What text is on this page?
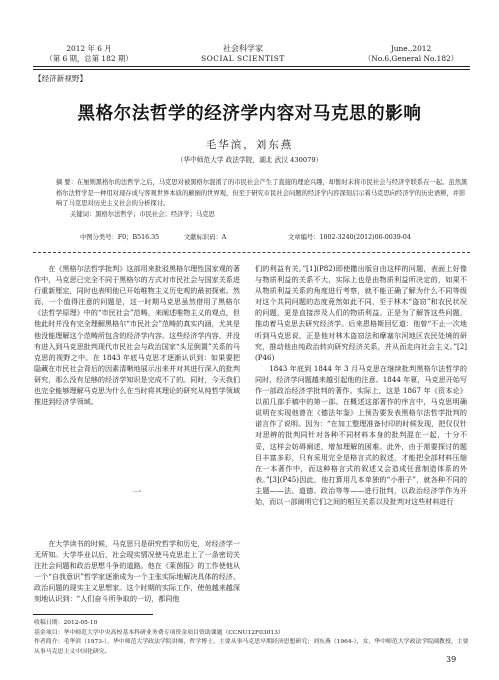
2012 年 6 月
（第 6 期，总第 182 期）
社会科学家
SOCIAL SCIENTIST
June.,2012
（No.6,General No.182）
【经济新视野】
黑格尔法哲学的经济学内容对马克思的影响
毛华滨，刘东燕
（华中师范大学 政法学院，湖北 武汉 430079）

摘 要：在厘则黑格尔的法哲学之后，马克思对被黑格尔混淆了的市民社会产生了直接的理论兴趣，却暂时未将市民社会与经济学联系在一起。虽然黑格尔法哲学是一种用对现存成与客观世界本质的颠倒的世界观，但至于研究市民社会问题的经济学内容深刻启示着马克思向经济学的历史语辨，并影响了马克思对历史主义社会的分析探讨。

关键词：黑格尔法哲学；市民社会；经济学；马克思

中图分类号：F0；B516.35	文献标识码：A	文章编号：1002-3240(2012)06-0039-04

在《黑格尔法哲学批判》这部用来批驳黑格尔理性国家观的著作中，马克思已完全不同于黑格尔的方式对市民社会与国家关系进行重新厘定，同时也表明他已开始唯物主义历史观的最初探索。然而，一个值得注意的问题是，这一时期马克思虽然借用了黑格尔《法哲学原理》中的“市民社会”范畴，来阐述唯物主义的观点，但他此时并没有完全理解黑格尔“市民社会”范畴的真实内涵，尤其是他没能理解这个范畴所包含的经济学内容。这些经济学内容，并没有进入到马克思批判现代市民社会与政治国家“头足倒置”关系的马克思的视野之中。在 1843 年底马克思才逐渐认识到：如果要把隐藏在市民社会背后的因素清晰地展示出来并对其进行深入的批判研究，那么没有足够的经济学知识是完成不了的。同时，今天我们也完全能够理解马克思为什么在当时将其理论的研究从纯哲学领域推进到经济学领域。

一

在大学读书的时候，马克思只是研究哲学和历史，对经济学一无所知。大学毕业以后，社会现实情况使马克思走上了一条密切关注社会问题和政治思想斗争的道路。他在《莱茵报》的工作使他从一个“自我意识”哲学家逐渐成为一个主张实际地解决具体的经济、政治问题的现实主义思想家。这个时期的实际工作，使他越来越深刻地认识到：“人们奋斗所争取的一切，都同他

们的利益有关。”[1](P82)即使撒出版自由这样的问题，表面上好像与物质利益的关系不大，实际上也是由物质利益所决定的，如果不从物质利益关系的角度进行考察，就不能正确了解为什么不同等级对这个共同问题的态度竟然如此不同，至于林木“盗窃”和农民状况的问题，更是直接涉及人们的物质利益。正是为了解答这些问题，推动着马克思去研究经济学。后来恩格斯回忆道：他曾“不止一次地听到马克思说，正是他对林木盗窃法和摩塞尔河地区农民处境的研究，推动他由纯政治转向研究经济关系，并从而走向社会主义。”[2](P46)

1843 年底到 1844 年 3 月马克思在继续批判黑格尔法哲学的同时，经济学问题越来越引起他的注意。1844 年夏，马克思开始写作一部政治经济学批判的著作。实际上，这是 1867 年《资本论》以前几部手稿中的第一部。在概述这部著作的序言中，马克思明确说明在实现他曾在《德法年鉴》上预告要发表黑格尔法哲学批判的诺言作了说明。因为：“在加工整理准备付印的时候发现，把仅仅针对思辨的批判同针对各种不同材料本身的批判混在一起，十分不妥，这样会妨碍阐述，增加理解的困难。此外，由于需要探讨的题目丰富多彩，只有采用完全是格言式的叙述，才能把全部材料压缩在一本著作中，而这种格言式的叙述又会造成任意制造体系的外表。”[3](P45)因此，他打算用几本单独的“小册子”，就各种不同的主题——法、道德、政治等等——进行批判，以政治经济学作为开始，而以一部阐明它们之间的相互关系以及批判对这些材料进行

收稿日期：2012-05-10

基金项目：华中师范大学中央高校基本科研业务费专项资金项目资助课题（CCNU12F03013）

作者简介：毛华滨（1973-），华中师范大学政法学院讲师，哲学博士，主要从事马克思早期经济思想研究；刘东燕（1964-），女，华中师范大学政法学院副教授，主要从事马克思主义中国化研究。

39
